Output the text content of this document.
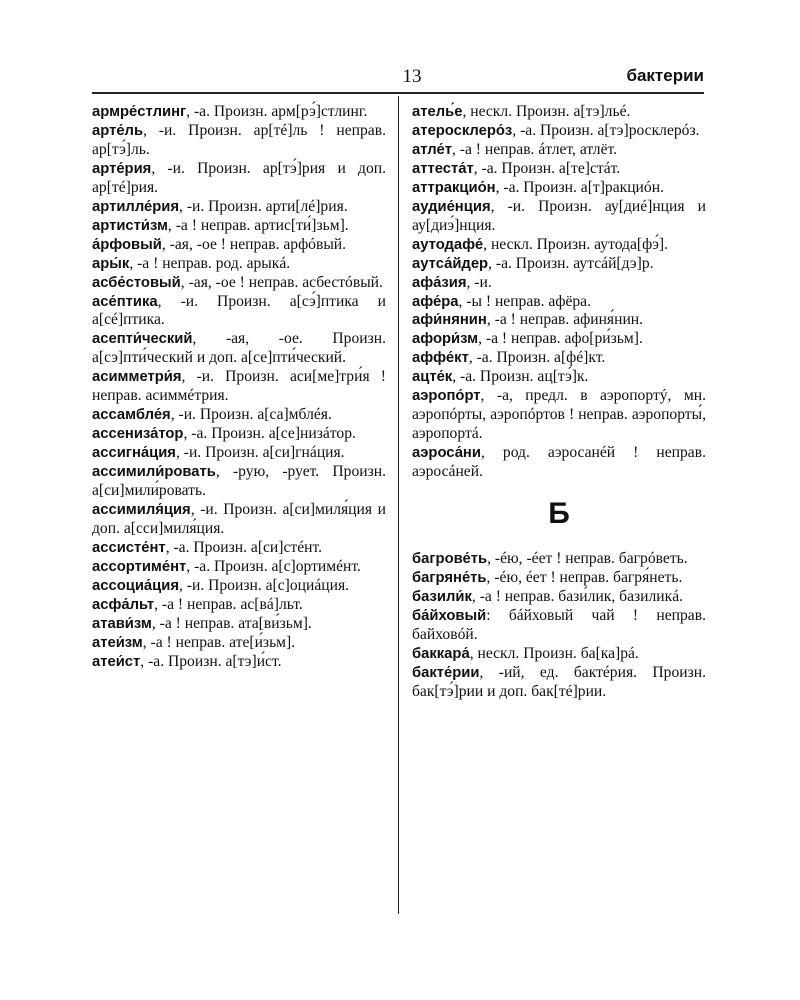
13	бактерии
армре́стлинг, -а. Произн. арм[рэ́]стлинг.
арте́ль, -и. Произн. ар[тé]ль ! неправ. ар[тэ́]ль.
арте́рия, -и. Произн. ар[тэ́]рия и доп. ар[тé]рия.
артилле́рия, -и. Произн. арти[лé]рия.
артисти́зм, -а ! неправ. артис[ти́]зьм].
а́рфовый, -ая, -ое ! неправ. арфóвый.
ары́к, -а ! неправ. род. арыкá.
асбе́стовый, -ая, -ое ! неправ. асбестóвый.
асе́птика, -и. Произн. а[сэ́]птика и а[сé]птика.
асепти́ческий, -ая, -ое. Произн. а[сэ]пти́ческий и доп. а[се]пти́ческий.
асимметри́я, -и. Произн. аси[ме]три́я ! неправ. асиммéтрия.
ассамбле́я, -и. Произн. а[са]мблéя.
ассениза́тор, -а. Произн. а[се]низáтор.
ассигна́ция, -и. Произн. а[си]гнáция.
ассимили́ровать, -рую, -рует. Произн. а[си]мили́ровать.
ассимиля́ция, -и. Произн. а[си]миля́ция и доп. а[сси]миля́ция.
ассисте́нт, -а. Произн. а[си]стéнт.
ассортиме́нт, -а. Произн. а[с]ортимéнт.
ассоциа́ция, -и. Произн. а[с]оциáция.
асфа́льт, -а ! неправ. ас[вá]льт.
атави́зм, -а ! неправ. ата[ви́зьм].
атеи́зм, -а ! неправ. ате[и́зьм].
атеи́ст, -а. Произн. а[тэ]и́ст.
атель́е, нескл. Произн. а[тэ]льé.
атеросклеро́з, -а. Произн. а[тэ]росклерóз.
атле́т, -а ! неправ. áтлет, атлёт.
аттеста́т, -а. Произн. а[те]стáт.
аттракцио́н, -а. Произн. а[т]ракциóн.
аудие́нция, -и. Произн. ау[диé]нция и ау[диэ́]нция.
аутодафе́, нескл. Произн. аутода[фэ́].
аутса́йдер, -а. Произн. аутсáй[дэ]р.
афа́зия, -и.
афе́ра, -ы ! неправ. афёра.
афи́нянин, -а ! неправ. афиня́нин.
афори́зм, -а ! неправ. афо[ри́зьм].
аффе́кт, -а. Произн. а[фé]кт.
ацте́к, -а. Произн. ац[тэ́]к.
аэропо́рт, -а, предл. в аэропортý, мн. аэропóрты, аэропóртов ! неправ. аэропорты́, аэропортá.
аэроса́ни, род. аэросанéй ! неправ. аэросáней.
Б
багрове́ть, -éю, -éет ! неправ. багрóветь.
багряне́ть, -éю, éет ! неправ. багря́неть.
базили́к, -а ! неправ. бази́лик, базиликá.
ба́йховый: бáйховый чай ! неправ. байховóй.
баккара́, нескл. Произн. ба[ка]рá.
бакте́рии, -ий, ед. бактéрия. Произн. бак[тэ́]рии и доп. бак[тé]рии.
